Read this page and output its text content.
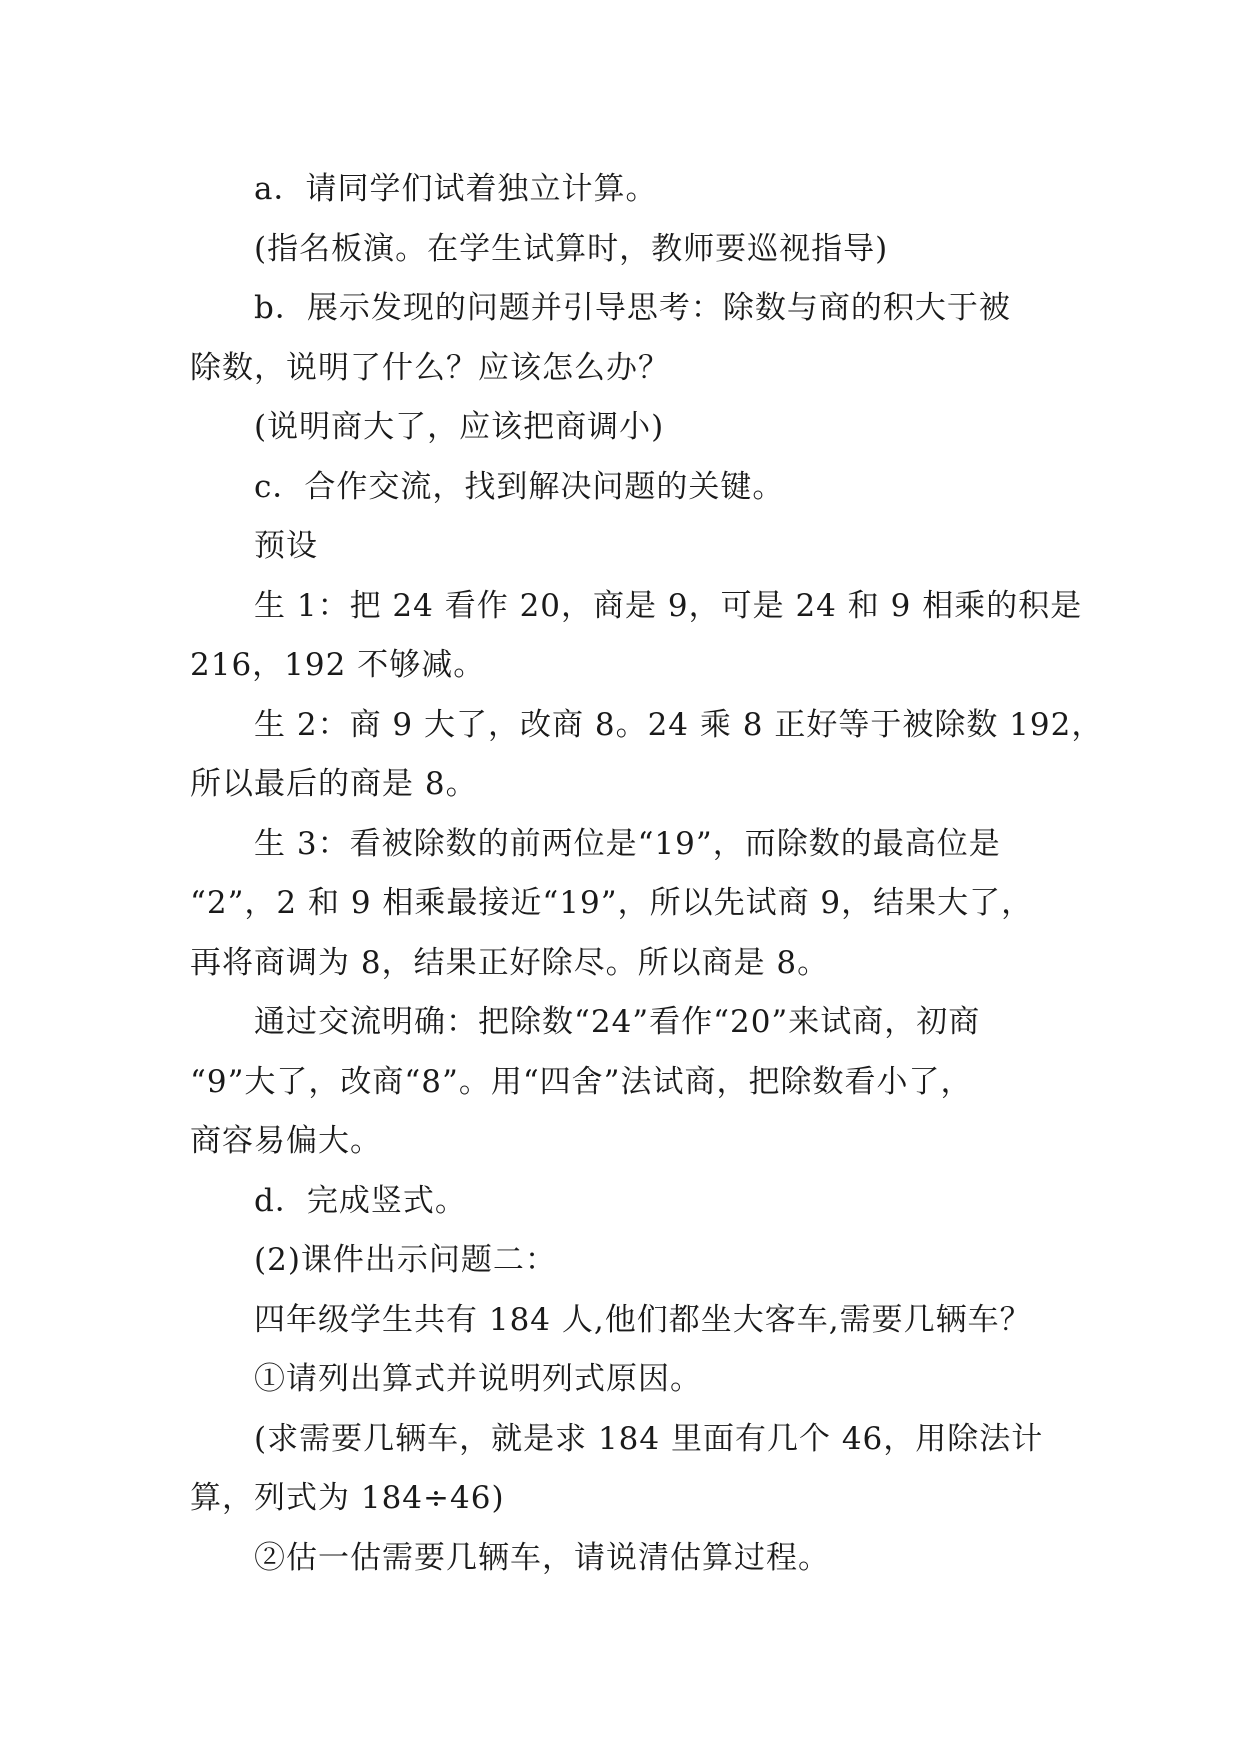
a．请同学们试着独立计算。
(指名板演。在学生试算时，教师要巡视指导)
b．展示发现的问题并引导思考：除数与商的积大于被
除数，说明了什么？应该怎么办？
(说明商大了，应该把商调小)
c．合作交流，找到解决问题的关键。
预设
生 1：把 24 看作 20，商是 9，可是 24 和 9 相乘的积是
216，192 不够减。
生 2：商 9 大了，改商 8。24 乘 8 正好等于被除数 192，
所以最后的商是 8。
生 3：看被除数的前两位是“19”，而除数的最高位是
“2”，2 和 9 相乘最接近“19”，所以先试商 9，结果大了，
再将商调为 8，结果正好除尽。所以商是 8。
通过交流明确：把除数“24”看作“20”来试商，初商
“9”大了，改商“8”。用“四舍”法试商，把除数看小了，
商容易偏大。
d．完成竖式。
(2)课件出示问题二：
四年级学生共有 184 人,他们都坐大客车,需要几辆车？
①请列出算式并说明列式原因。
(求需要几辆车，就是求 184 里面有几个 46，用除法计
算，列式为 184÷46)
②估一估需要几辆车，请说清估算过程。
